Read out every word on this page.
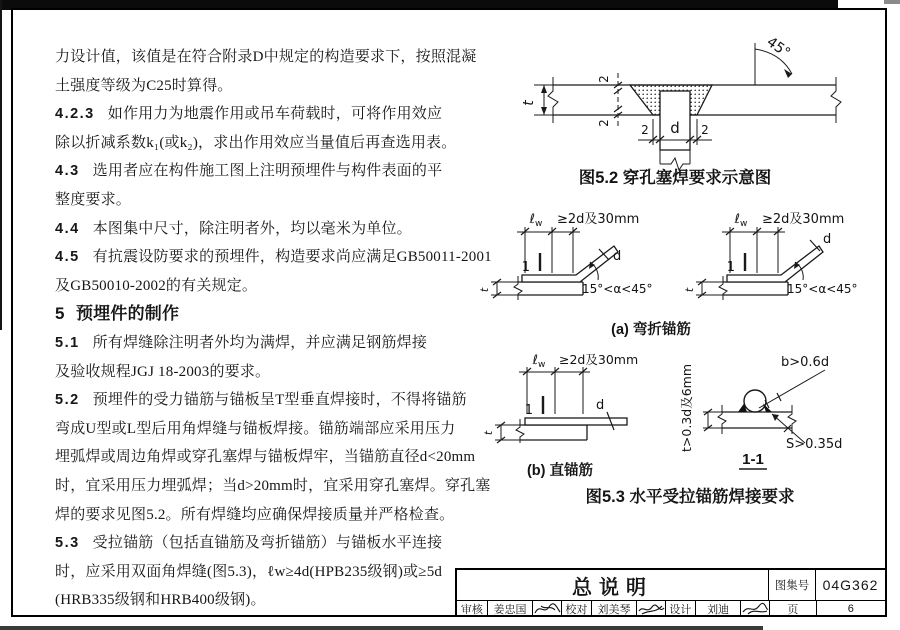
力设计值，该值是在符合附录D中规定的构造要求下，按照混凝
土强度等级为C25时算得。
4.2.3 如作用力为地震作用或吊车荷载时，可将作用效应
除以折减系数k₁(或k₂)，求出作用效应当量值后再查选用表。
4.3 选用者应在构件施工图上注明预埋件与构件表面的平
整度要求。
4.4 本图集中尺寸，除注明者外，均以毫米为单位。
4.5 有抗震设防要求的预埋件，构造要求尚应满足GB50011-2001
及GB50010-2002的有关规定。
5 预埋件的制作
5.1 所有焊缝除注明者外均为满焊，并应满足钢筋焊接
及验收规程JGJ 18-2003的要求。
5.2 预埋件的受力锚筋与锚板呈T型垂直焊接时，不得将锚筋
弯成U型或L型后用角焊缝与锚板焊接。锚筋端部应采用压力
埋弧焊或周边角焊或穿孔塞焊与锚板焊牢，当锚筋直径d<20mm
时，宜采用压力埋弧焊；当d>20mm时，宜采用穿孔塞焊。穿孔塞
焊的要求见图5.2。所有焊缝均应确保焊接质量并严格检查。
5.3 受拉锚筋（包括直锚筋及弯折锚筋）与锚板水平连接
时，应采用双面角焊缝(图5.3)，ℓw≥4d(HPB235级钢)或≥5d
(HRB335级钢和HRB400级钢)。
t
2
2
45°
2 d 2
图5.2 穿孔塞焊要求示意图
ℓ$_w$ ≥2d及30mm
1
t	15°<α<45°
d
ℓ$_w$ ≥2d及30mm
1
t	15°<α<45°
d
(a) 弯折锚筋
ℓ$_w$ ≥2d及30mm
1
t
d
(b) 直锚筋
t>0.3d及6mm
b>0.6d
S>0.35d
1-1
图5.3 水平受拉锚筋焊接要求
总说明	图集号 04G362
审核 姜忠国	校对 刘美琴	设计	刘迪	页	6
